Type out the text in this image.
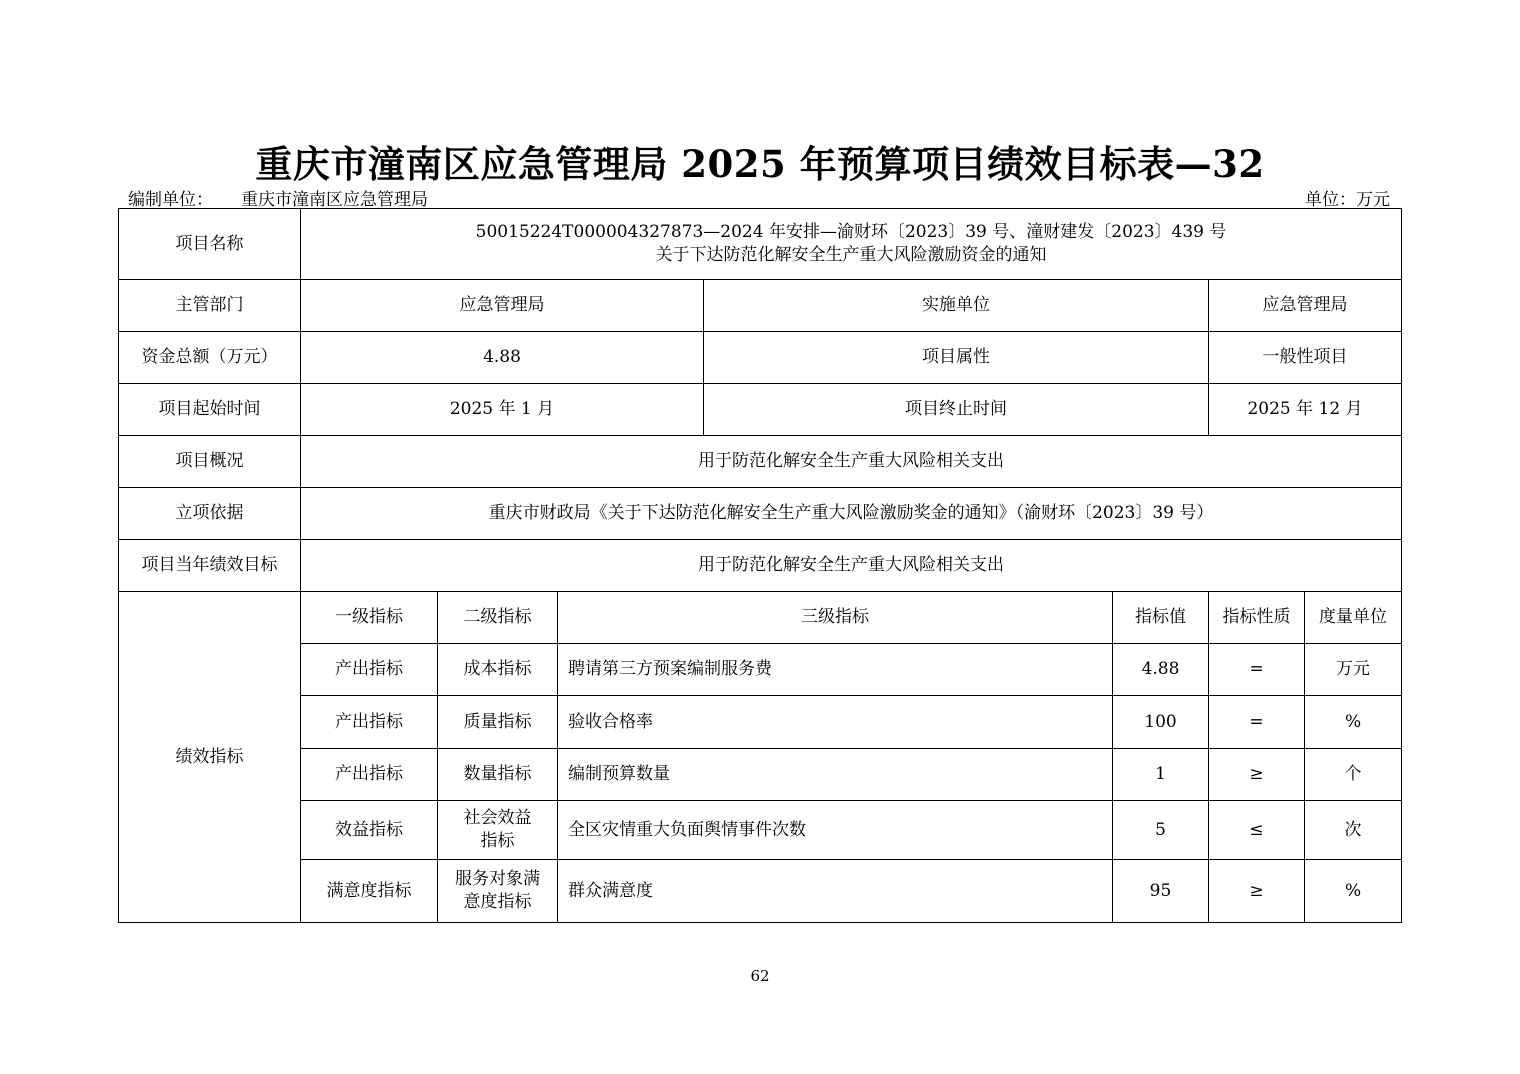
重庆市潼南区应急管理局 2025 年预算项目绩效目标表—32
编制单位： 重庆市潼南区应急管理局	单位：万元
项目名称	50015224T000004327873—2024 年安排—渝财环〔2023〕39 号、潼财建发〔2023〕439 号
关于下达防范化解安全生产重大风险激励资金的通知						

主管部门	应急管理局			实施单位		应急管理局	
资金总额（万元）	4.88			项目属性		一般性项目	
项目起始时间	2025 年 1 月			项目终止时间		2025 年 12 月	
项目概况	用于防范化解安全生产重大风险相关支出						
立项依据	重庆市财政局《关于下达防范化解安全生产重大风险激励奖金的通知》（渝财环〔2023〕39 号）						
项目当年绩效目标	用于防范化解安全生产重大风险相关支出						
绩效指标	一级指标	二级指标	三级指标		指标值	指标性质	度量单位
	产出指标	成本指标	聘请第三方预案编制服务费		4.88	=	万元
	产出指标	质量指标	验收合格率		100	=	%
	产出指标	数量指标	编制预算数量		1	≥	个
	效益指标	社会效益
指标	全区灾情重大负面舆情事件次数		5	≤	次
	满意度指标	服务对象满
意度指标	群众满意度		95	≥	%
62
